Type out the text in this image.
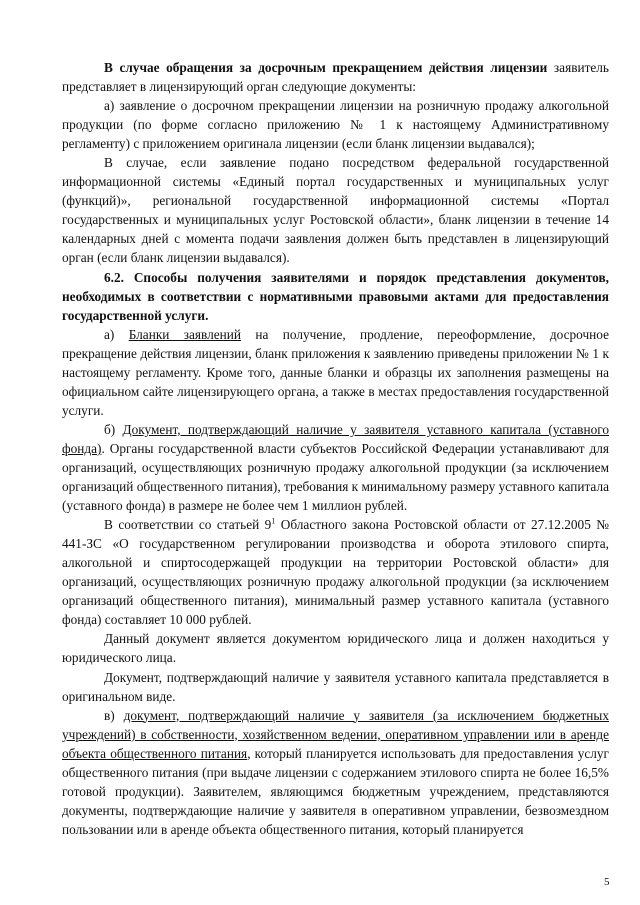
В случае обращения за досрочным прекращением действия лицензии заявитель представляет в лицензирующий орган следующие документы:

а) заявление о досрочном прекращении лицензии на розничную продажу алкогольной продукции (по форме согласно приложению № 1 к настоящему Административному регламенту) с приложением оригинала лицензии (если бланк лицензии выдавался);

В случае, если заявление подано посредством федеральной государственной информационной системы «Единый портал государственных и муниципальных услуг (функций)», региональной государственной информационной системы «Портал государственных и муниципальных услуг Ростовской области», бланк лицензии в течение 14 календарных дней с момента подачи заявления должен быть представлен в лицензирующий орган (если бланк лицензии выдавался).

6.2. Способы получения заявителями и порядок представления документов, необходимых в соответствии с нормативными правовыми актами для предоставления государственной услуги.

а) Бланки заявлений на получение, продление, переоформление, досрочное прекращение действия лицензии, бланк приложения к заявлению приведены приложении № 1 к настоящему регламенту. Кроме того, данные бланки и образцы их заполнения размещены на официальном сайте лицензирующего органа, а также в местах предоставления государственной услуги.

б) Документ, подтверждающий наличие у заявителя уставного капитала (уставного фонда). Органы государственной власти субъектов Российской Федерации устанавливают для организаций, осуществляющих розничную продажу алкогольной продукции (за исключением организаций общественного питания), требования к минимальному размеру уставного капитала (уставного фонда) в размере не более чем 1 миллион рублей.

В соответствии со статьей $9^1$ Областного закона Ростовской области от 27.12.2005 № 441-ЗС «О государственном регулировании производства и оборота этилового спирта, алкогольной и спиртосодержащей продукции на территории Ростовской области» для организаций, осуществляющих розничную продажу алкогольной продукции (за исключением организаций общественного питания), минимальный размер уставного капитала (уставного фонда) составляет 10 000 рублей.

Данный документ является документом юридического лица и должен находиться у юридического лица.

Документ, подтверждающий наличие у заявителя уставного капитала представляется в оригинальном виде.

в) документ, подтверждающий наличие у заявителя (за исключением бюджетных учреждений) в собственности, хозяйственном ведении, оперативном управлении или в аренде объекта общественного питания, который планируется использовать для предоставления услуг общественного питания (при выдаче лицензии с содержанием этилового спирта не более 16,5% готовой продукции). Заявителем, являющимся бюджетным учреждением, представляются документы, подтверждающие наличие у заявителя в оперативном управлении, безвозмездном пользовании или в аренде объекта общественного питания, который планируется

5
